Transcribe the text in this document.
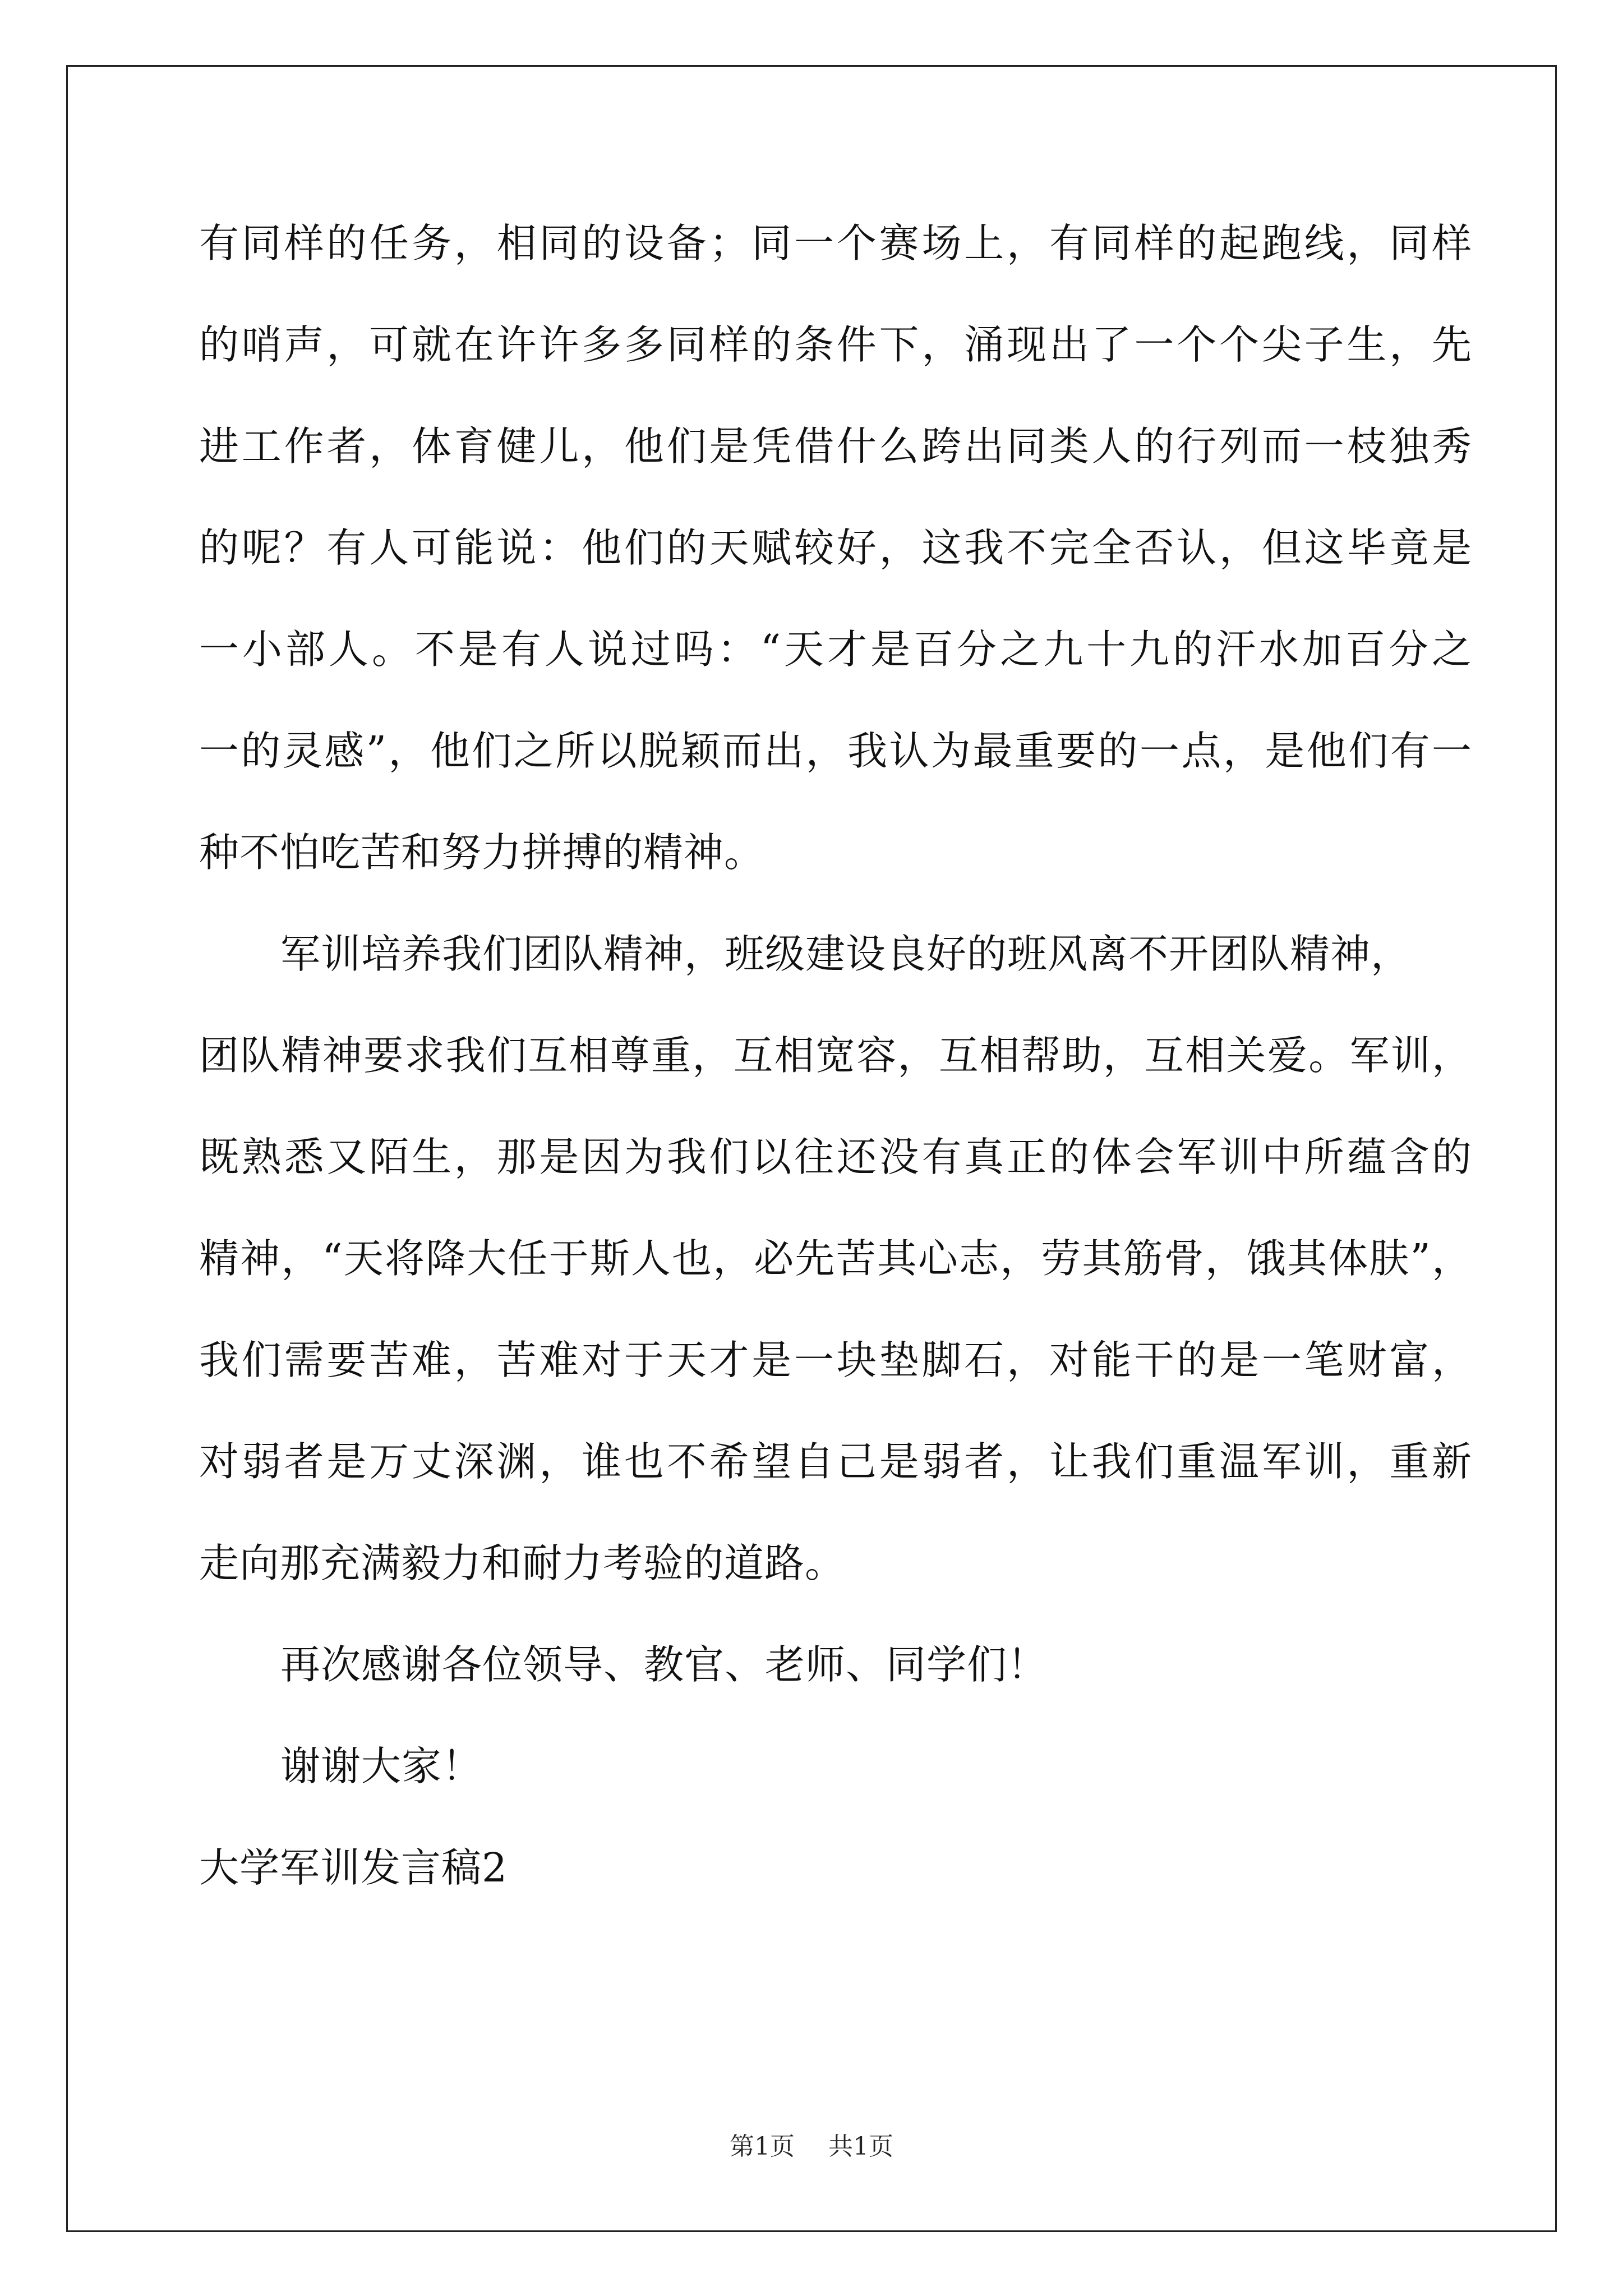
有同样的任务，相同的设备；同一个赛场上，有同样的起跑线，同样
的哨声，可就在许许多多同样的条件下，涌现出了一个个尖子生，先
进工作者，体育健儿，他们是凭借什么跨出同类人的行列而一枝独秀
的呢？有人可能说：他们的天赋较好，这我不完全否认，但这毕竟是
一小部人。不是有人说过吗：“天才是百分之九十九的汗水加百分之
一的灵感”，他们之所以脱颖而出，我认为最重要的一点，是他们有一
种不怕吃苦和努力拼搏的精神。
军训培养我们团队精神，班级建设良好的班风离不开团队精神，
团队精神要求我们互相尊重，互相宽容，互相帮助，互相关爱。军训，
既熟悉又陌生，那是因为我们以往还没有真正的体会军训中所蕴含的
精神，“天将降大任于斯人也，必先苦其心志，劳其筋骨，饿其体肤”，
我们需要苦难，苦难对于天才是一块垫脚石，对能干的是一笔财富，
对弱者是万丈深渊，谁也不希望自己是弱者，让我们重温军训，重新
走向那充满毅力和耐力考验的道路。
再次感谢各位领导、教官、老师、同学们！
谢谢大家！
大学军训发言稿2
第1页 共1页
